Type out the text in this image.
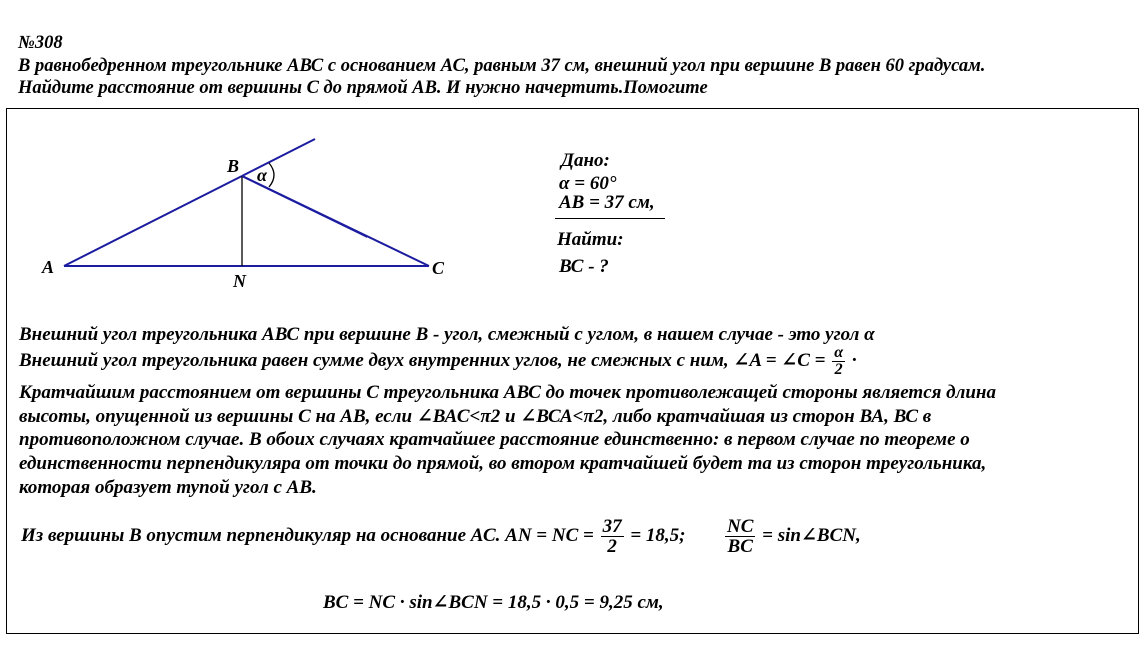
№308
В равнобедренном треугольнике АВС с основанием АС, равным 37 см, внешний угол при вершине В равен 60 градусам.
Найдите расстояние от вершины С до прямой АВ. И нужно начертить.Помогите
A
B
N
α
C
Дано:
α = 60°
АВ = 37 см,
Найти:
ВС - ?
Внешний угол треугольника АВС при вершине В - угол, смежный с углом, в нашем случае - это угол α
Внешний угол треугольника равен сумме двух внутренних углов, не смежных с ним, ∠A = ∠C = $\frac{\alpha}{2}$ ·
Кратчайшим расстоянием от вершины С треугольника АВС до точек противолежащей стороны является длина
высоты, опущенной из вершины С на АВ, если ∠ВАС<π2 и ∠ВСА<π2, либо кратчайшая из сторон ВА, ВС в
противоположном случае. В обоих случаях кратчайшее расстояние единственно: в первом случае по теореме о
единственности перпендикуляра от точки до прямой, во втором кратчайшей будет та из сторон треугольника,
которая образует тупой угол с АВ.
Из вершины В опустим перпендикуляр на основание АС. AN = NC = $\frac{37}{2} = 18,5$; $\frac{NC}{BC}$ = sin∠BCN,
BC = NC · sin∠BCN = 18,5 · 0,5 = 9,25 см,
